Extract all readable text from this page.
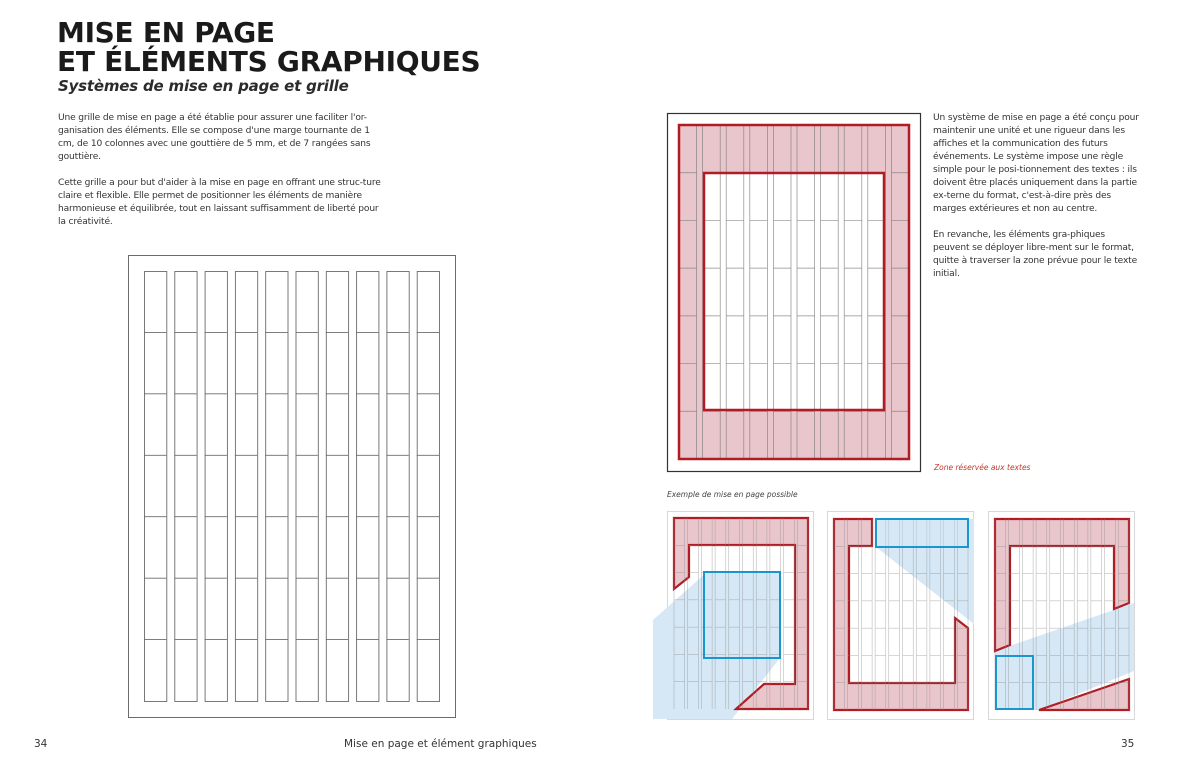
MISE EN PAGE
ET ÉLÉMENTS GRAPHIQUES
Systèmes de mise en page et grille

Une grille de mise en page a été établie pour assurer une faciliter l'or-ganisation des éléments. Elle se compose d'une marge tournante de 1 cm, de 10 colonnes avec une gouttière de 5 mm, et de 7 rangées sans gouttière.

Cette grille a pour but d'aider à la mise en page en offrant une struc-ture claire et flexible. Elle permet de positionner les éléments de manière harmonieuse et équilibrée, tout en laissant suffisamment de liberté pour la créativité.

Un système de mise en page a été conçu pour maintenir une unité et une rigueur dans les affiches et la communication des futurs événements. Le système impose une règle simple pour le posi-tionnement des textes : ils doivent être placés uniquement dans la partie ex-terne du format, c'est-à-dire près des marges extérieures et non au centre.

En revanche, les éléments gra-phiques peuvent se déployer libre-ment sur le format, quitte à traverser la zone prévue pour le texte initial.

Zone réservée aux textes
Exemple de mise en page possible
34	Mise en page et élément graphiques	35
